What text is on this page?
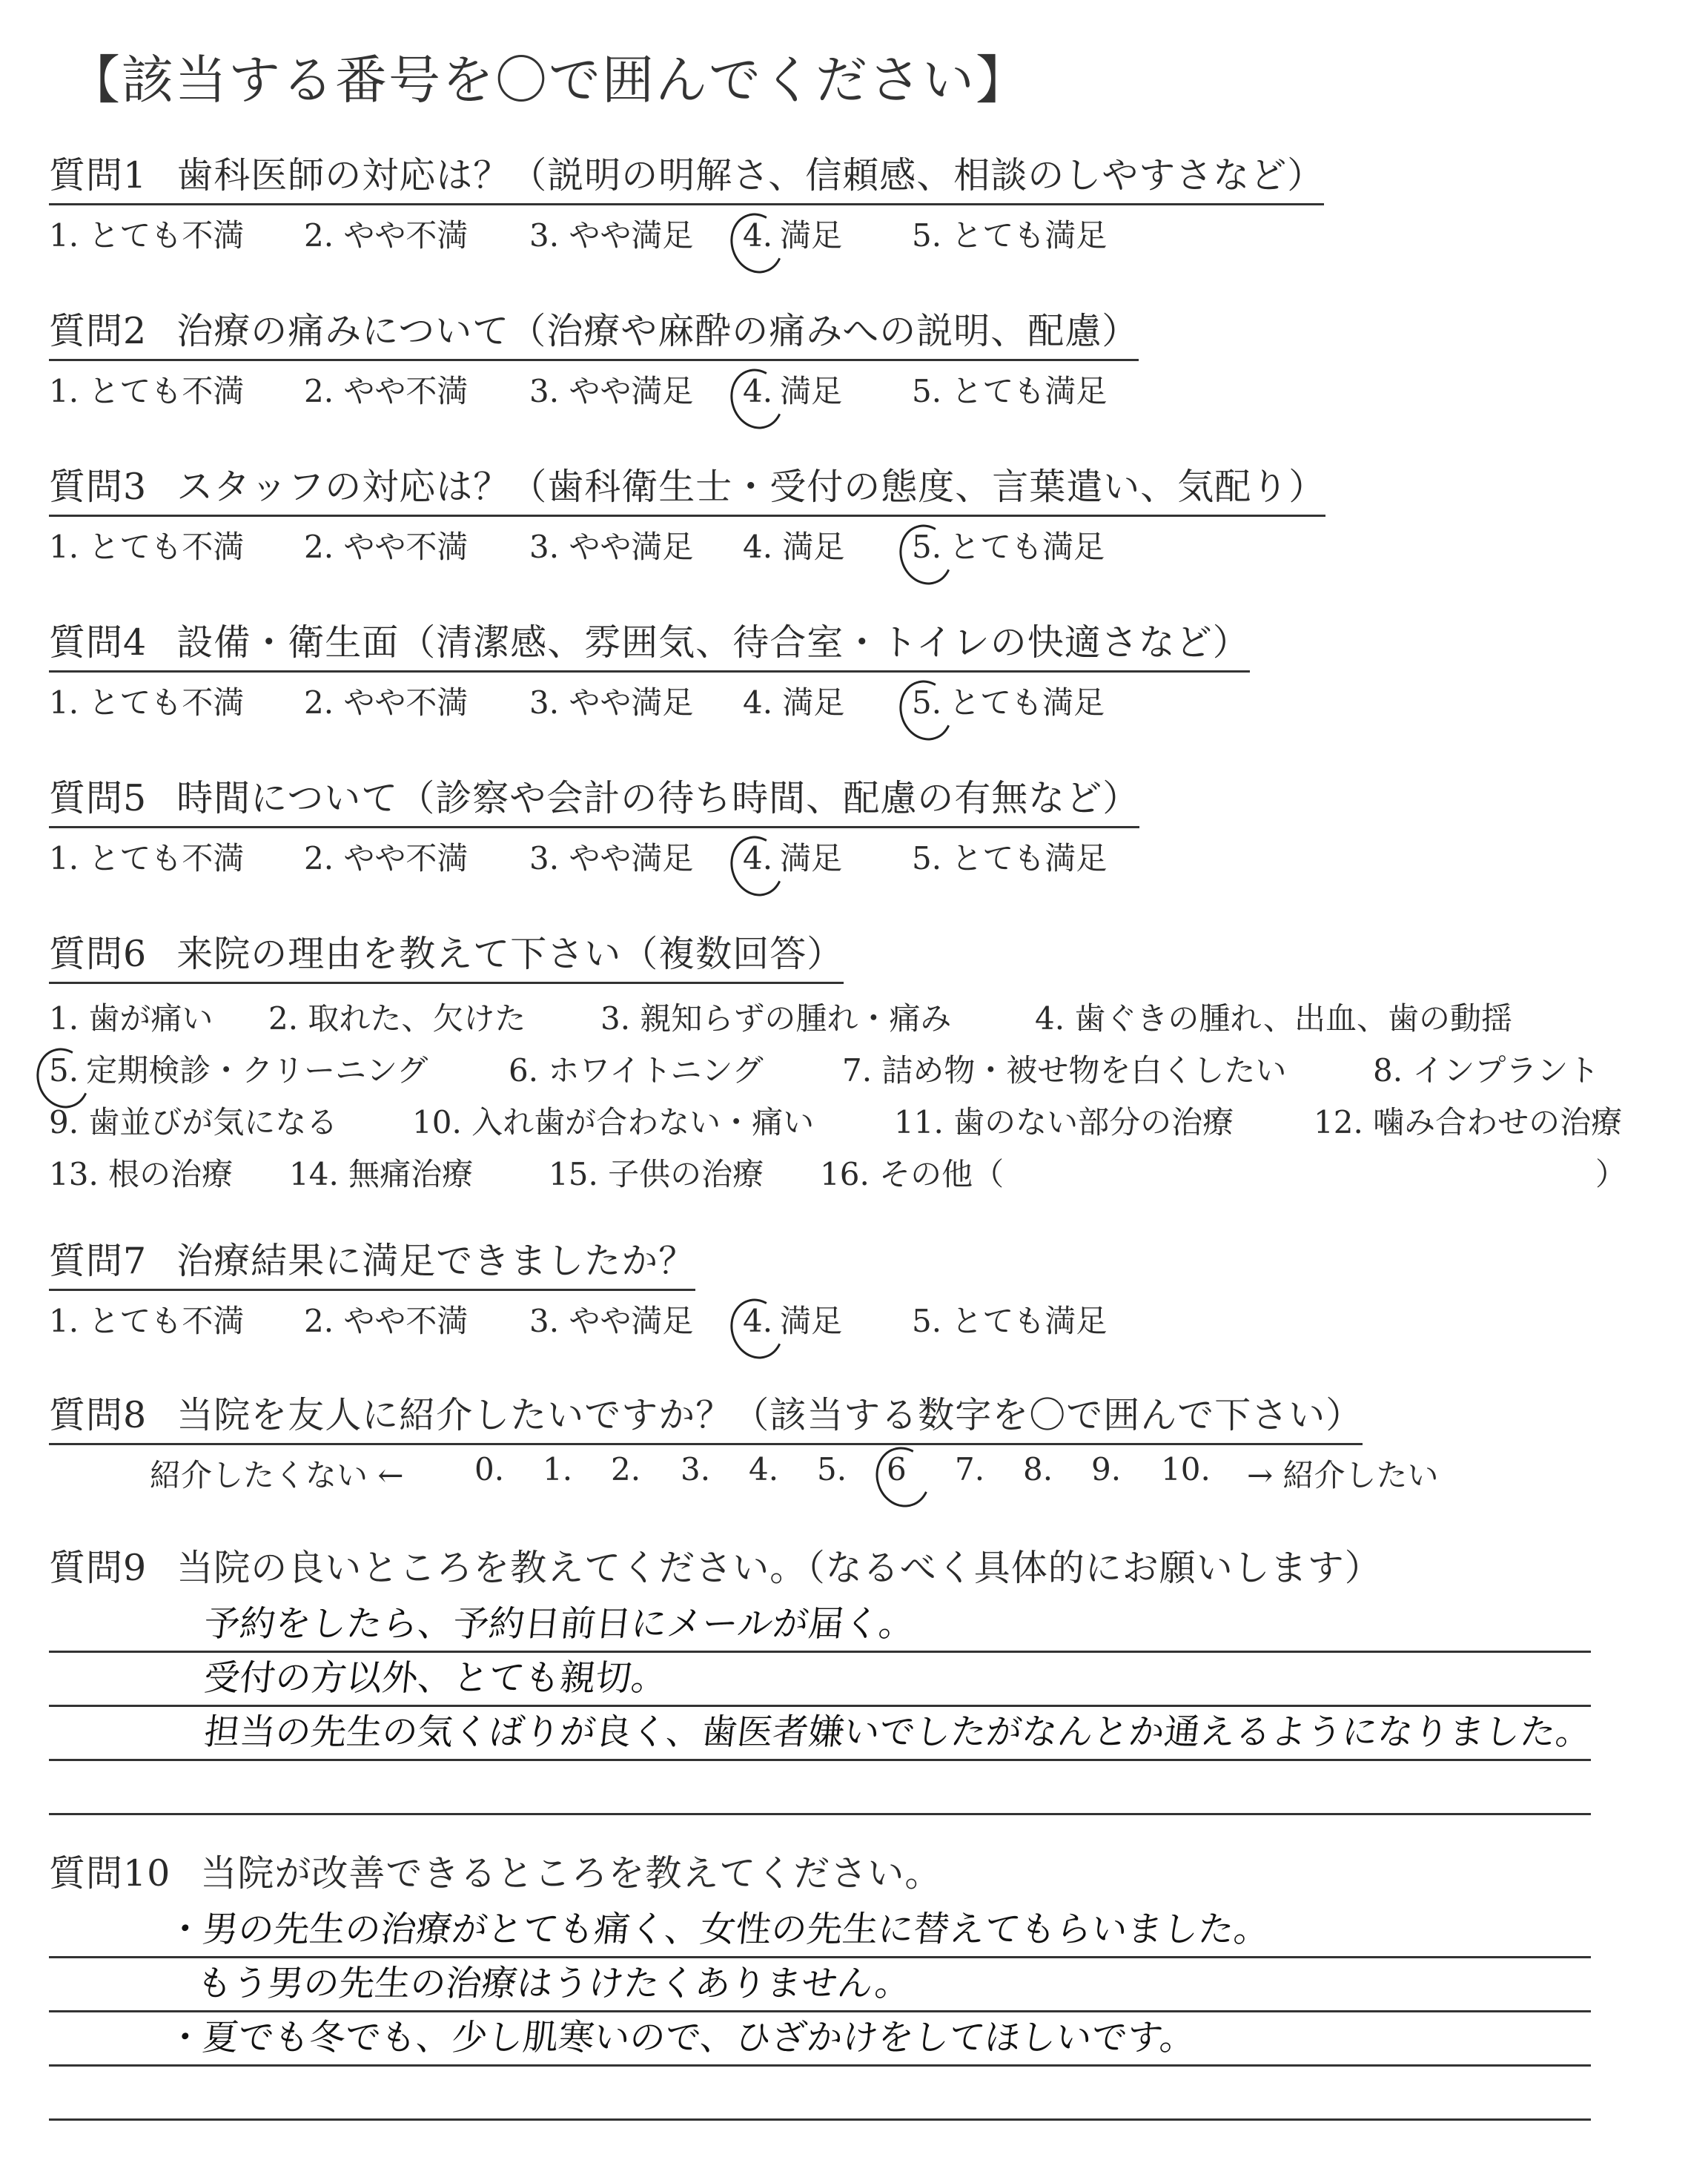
【該当する番号を〇で囲んでください】
質問1 歯科医師の対応は？（説明の明解さ、信頼感、相談のしやすさなど）
1. とても不満 2. やや不満 3. やや満足 4. 満足 5. とても満足
質問2 治療の痛みについて（治療や麻酔の痛みへの説明、配慮）
1. とても不満 2. やや不満 3. やや満足 4. 満足 5. とても満足
質問3 スタッフの対応は？（歯科衛生士・受付の態度、言葉遣い、気配り）
1. とても不満 2. やや不満 3. やや満足 4. 満足 5. とても満足
質問4 設備・衛生面（清潔感、雰囲気、待合室・トイレの快適さなど）
1. とても不満 2. やや不満 3. やや満足 4. 満足 5. とても満足
質問5 時間について（診察や会計の待ち時間、配慮の有無など）
1. とても不満 2. やや不満 3. やや満足 4. 満足 5. とても満足
質問6 来院の理由を教えて下さい（複数回答）
1. 歯が痛い 2. 取れた、欠けた 3. 親知らずの腫れ・痛み	4. 歯ぐきの腫れ、出血、歯の動揺
5. 定期検診・クリーニング	6. ホワイトニング	7. 詰め物・被せ物を白くしたい	8. インプラント
9. 歯並びが気になる 10. 入れ歯が合わない・痛い	11. 歯のない部分の治療	12. 噛み合わせの治療
13. 根の治療 14. 無痛治療 15. 子供の治療 16. その他（	）
質問7 治療結果に満足できましたか？
1. とても不満 2. やや不満 3. やや満足 4. 満足 5. とても満足
質問8 当院を友人に紹介したいですか？（該当する数字を〇で囲んで下さい）
紹介したくない ← 0. 1. 2. 3. 4. 5. 6 7. 8. 9. 10. → 紹介したい
質問9 当院の良いところを教えてください。（なるべく具体的にお願いします）
予約をしたら、予約日前日にメールが届く。
受付の方以外、とても親切。
担当の先生の気くばりが良く、歯医者嫌いでしたがなんとか通えるようになりました。
質問10 当院が改善できるところを教えてください。
・男の先生の治療がとても痛く、女性の先生に替えてもらいました。
もう男の先生の治療はうけたくありません。
・夏でも冬でも、少し肌寒いので、ひざかけをしてほしいです。
